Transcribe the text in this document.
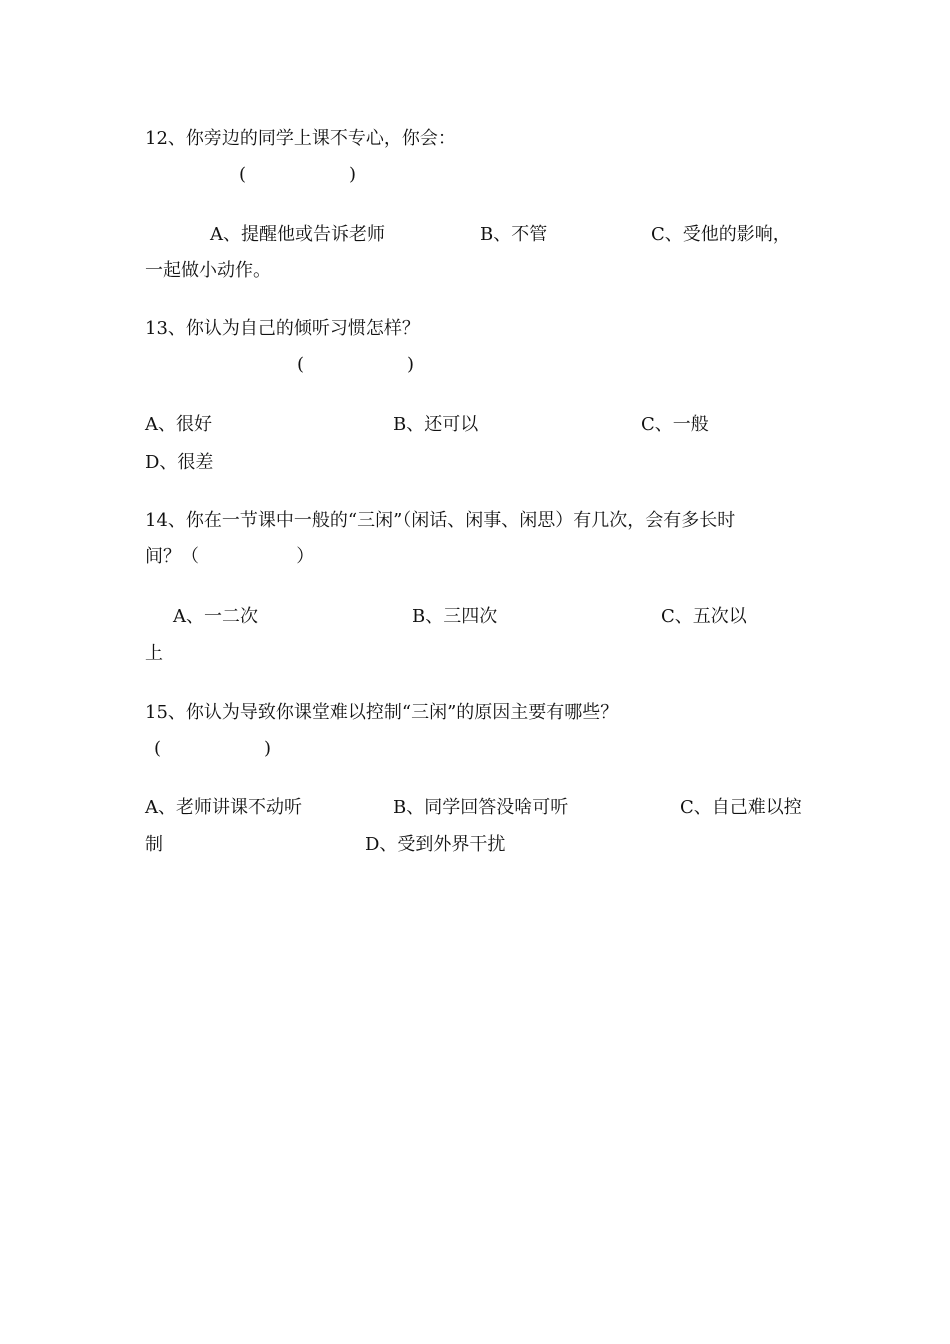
12、你旁边的同学上课不专心，你会：
(                  )
A、提醒他或告诉老师	B、不管	C、受他的影响，
一起做小动作。
13、你认为自己的倾听习惯怎样？
(                  )
A、很好	B、还可以	C、一般
D、很差
14、你在一节课中一般的“三闲”（闲话、闲事、闲思）有几次，会有多长时
间？（                 ）
A、一二次	B、三四次	C、五次以
上
15、你认为导致你课堂难以控制“三闲”的原因主要有哪些？
(                  )
A、老师讲课不动听	B、同学回答没啥可听	C、自己难以控
制	D、受到外界干扰
